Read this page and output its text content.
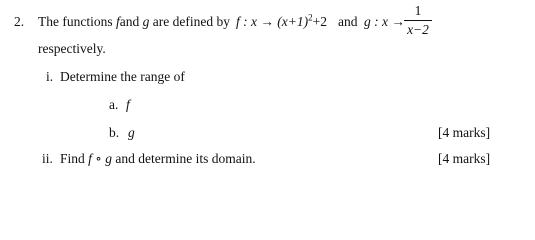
2. The functions fand g are defined by f : $x \to (x+1)^2+2$ and g : x →
1
x−2
respectively.
i. Determine the range of
a. f
b. g	[4 marks]
ii. Find f ∘ g and determine its domain.	[4 marks]
